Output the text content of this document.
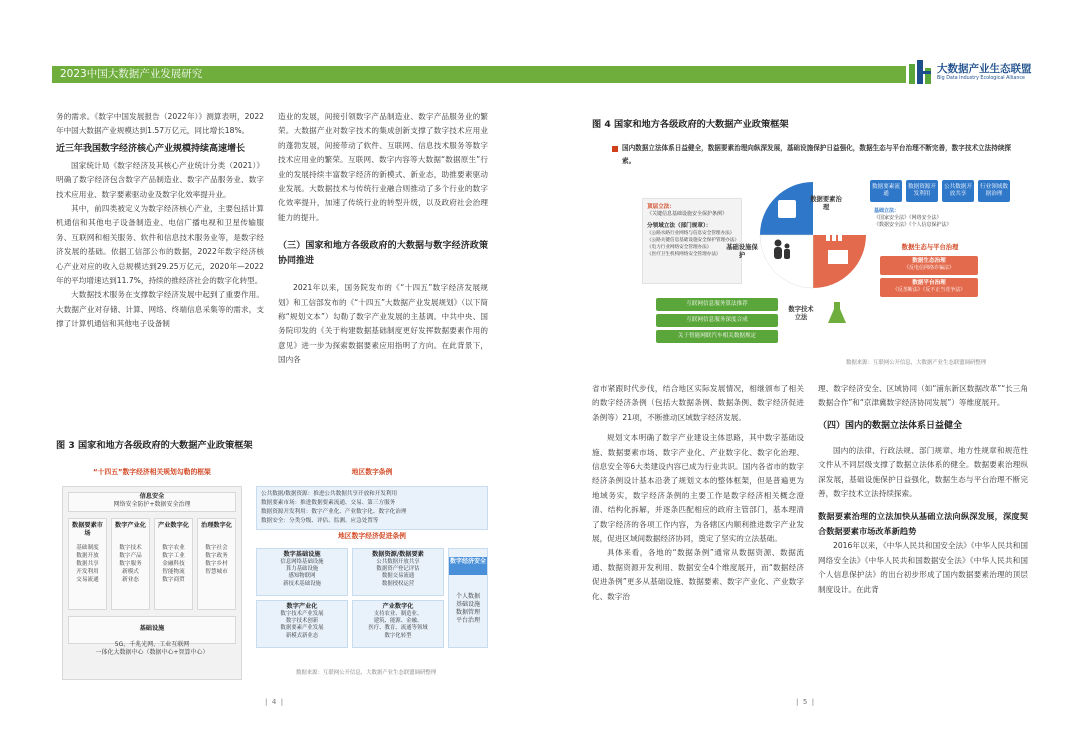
2023中国大数据产业发展研究	大数据产业生态联盟
Big Data Industry Ecological Alliance

务的需求。《数字中国发展报告（2022年）》测算表明，2022年中国大数据产业规模达到1.57万亿元，同比增长18%。

近三年我国数字经济核心产业规模持续高速增长

国家统计局《数字经济及其核心产业统计分类（2021）》明确了数字经济包含数字产品制造业、数字产品服务业、数字技术应用业、数字要素驱动业及数字化效率提升业。

其中，前四类被定义为数字经济核心产业，主要包括计算机通信和其他电子设备制造业、电信广播电视和卫星传输服务、互联网和相关服务、软件和信息技术服务业等，是数字经济发展的基础。依据工信部公布的数据，2022年数字经济核心产业对应的收入总规模达到29.25万亿元，2020年—2022年的平均增速达到11.7%，持续的推经济社会的数字化转型。

大数据技术服务在支撑数字经济发展中起到了重要作用。大数据产业对存储、计算、网络、终端信息采集等的需求，支撑了计算机通信和其他电子设备制

造业的发展，间接引领数字产品制造业、数字产品服务业的繁荣。大数据产业对数字技术的集成创新支撑了数字技术应用业的蓬勃发展，间接带动了软件、互联网、信息技术服务等数字技术应用业的繁荣。互联网、数字内容等大数据“数据原生”行业的发展持续丰富数字经济的新模式、新业态，助推要素驱动业发展。大数据技术与传统行业融合则推动了多个行业的数字化效率提升，加速了传统行业的转型升级，以及政府社会治理能力的提升。

（三）国家和地方各级政府的大数据与数字经济政策协同推进

2021年以来，国务院发布的《“十四五”数字经济发展规划》和工信部发布的《“十四五”大数据产业发展规划》（以下简称“规划文本”）勾勒了数字产业发展的主基调。中共中央、国务院印发的《关于构建数据基础制度更好发挥数据要素作用的意见》进一步为探索数据要素应用指明了方向。在此背景下，国内各

图 3 国家和地方各级政府的大数据产业政策框架
“十四五”数字经济相关规划勾勒的框架
信息安全
网络安全防护+数据安全治理
数据要素市场
基础制度
数据开放
数据共享
开发利用
交易流通
数字产业化
数字技术
数字产品
数字服务
新模式
新业态
产业数字化
数字农业
数字工业
金融科技
智能物流
数字商贸
治理数字化
数字社会
数字政务
数字乡村
智慧城市

基础设施

5G、千兆光网、工业互联网
一体化大数据中心（数据中心+智算中心）

地区数字条例
公共数据/数据资源：推进公共数据共享开放和开发利用
数据要素市场：推进数据要素流通、交易、第三方服务
数据资源开发利用：数字产业化、产业数字化、数字化治理
数据安全：分类分级、评估、监测、应急处置等
地区数字经济促进条例
数字基础设施
信息网络基础设施
算力基础设施
感知物联网
新技术基础设施
数据资源/数据要素
公共数据开放共享
数据资产登记评估
数据交易流通
数据授权运营
数字产业化
数字技术产业发展
数字技术创新
数据要素产业发展
新模式新业态
产业数字化
支持农业、制造业、
建筑、能源、金融、
医疗、教育、流通等领域
数字化转型

数字经济安全

个人数据
基础设施
数据管理
平台治理

数据来源：互联网公开信息，大数据产业生态联盟调研整理
|  4  |
图 4 国家和地方各级政府的大数据产业政策框架
国内数据立法体系日益健全，数据要素治理向纵深发展，基础设施保护日益强化，数据生态与平台治理不断完善，数字技术立法持续探索。
顶层立法：
《关键信息基础设施安全保护条例》
分领域立法（部门规章）：
《公路水路行业网络与信息安全管理办法》
《公路关键信息基础设施安全保护管理办法》
《电力行业网络安全管理办法》
《医疗卫生机构网络安全管理办法》
数据要素治理
基础设施保护
数字技术立法
数据要素流通
数据资源开发利用
公共数据开放共享
行业领域数据治理
基础立法：
《国家安全法》《网络安全法》
《数据安全法》《个人信息保护法》
数据生态与平台治理
数据生态治理
《反电信网络诈骗法》
数据平台治理
《反垄断法》《反不正当竞争法》
互联网信息服务算法推荐
互联网信息服务深度合成
关于智能网联汽车相关数据规定
数据来源：互联网公开信息，大数据产业生态联盟调研整理

省市紧跟时代步伐，结合地区实际发展情况，相继颁布了相关的数字经济条例（包括大数据条例、数据条例、数字经济促进条例等）21项，不断推动区域数字经济发展。

规划文本明确了数字产业建设主体思路，其中数字基础设施、数据要素市场、数字产业化、产业数字化、数字化治理、信息安全等6大类建设内容已成为行业共识。国内各省市的数字经济条例设计基本沿袭了规划文本的整体框架，但是普遍更为地域务实，数字经济条例的主要工作是数字经济相关概念澄清、结构化拆解，并逐条匹配相应的政府主管部门，基本理清了数字经济的各项工作内容，为各辖区内顺利推进数字产业发展，促进区域间数据经济协同，奠定了坚实的立法基础。

具体来看，各地的“数据条例”通常从数据资源、数据流通、数据资源开发利用、数据安全4个维度展开，而“数据经济促进条例”更多从基础设施、数据要素、数字产业化、产业数字化、数字治

理、数字经济安全、区域协同（如“浦东新区数据改革”“长三角数据合作”和“京津冀数字经济协同发展”）等维度展开。

（四）国内的数据立法体系日益健全

国内的法律、行政法规、部门规章、地方性规章和规范性文件从不同层级支撑了数据立法体系的健全。数据要素治理纵深发展，基础设施保护日益强化，数据生态与平台治理不断完善，数字技术立法持续探索。

数据要素治理的立法加快从基础立法向纵深发展，深度契合数据要素市场改革新趋势

2016年以来，《中华人民共和国安全法》《中华人民共和国网络安全法》《中华人民共和国数据安全法》《中华人民共和国个人信息保护法》的出台初步形成了国内数据要素治理的顶层制度设计。在此背

|  5  |
